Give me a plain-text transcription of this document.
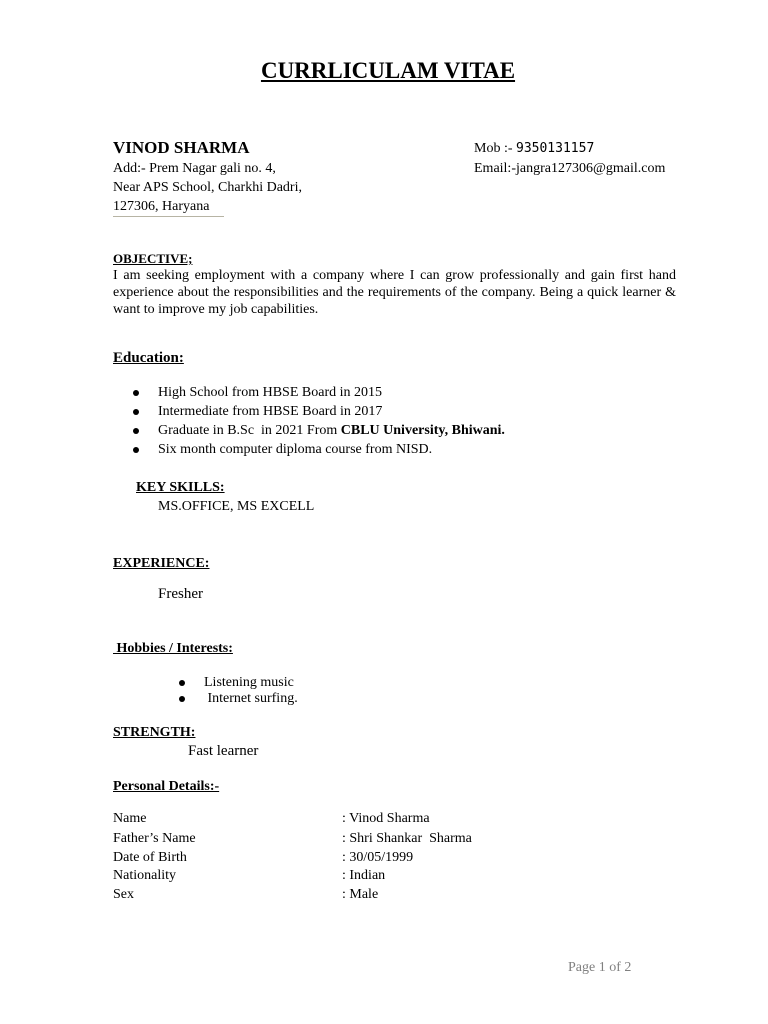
CURRLICULAM VITAE
VINOD SHARMA	Mob :- 9350131157
Add:- Prem Nagar gali no. 4,	Email:-jangra127306@gmail.com
Near APS School, Charkhi Dadri,
127306, Haryana
OBJECTIVE;
I am seeking employment with a company where I can grow professionally and gain first hand experience about the responsibilities and the requirements of the company. Being a quick learner & want to improve my job capabilities.
Education:
High School from HBSE Board in 2015
Intermediate from HBSE Board in 2017
Graduate in B.Sc  in 2021 From CBLU University, Bhiwani.
Six month computer diploma course from NISD.
KEY SKILLS:
MS.OFFICE, MS EXCELL
EXPERIENCE:
Fresher
Hobbies / Interests:
Listening music
Internet surfing.
STRENGTH:
Fast learner
Personal Details:-
Name	: Vinod Sharma
Father’s Name	: Shri Shankar  Sharma
Date of Birth	: 30/05/1999
Nationality	: Indian
Sex	: Male
Page 1 of 2
